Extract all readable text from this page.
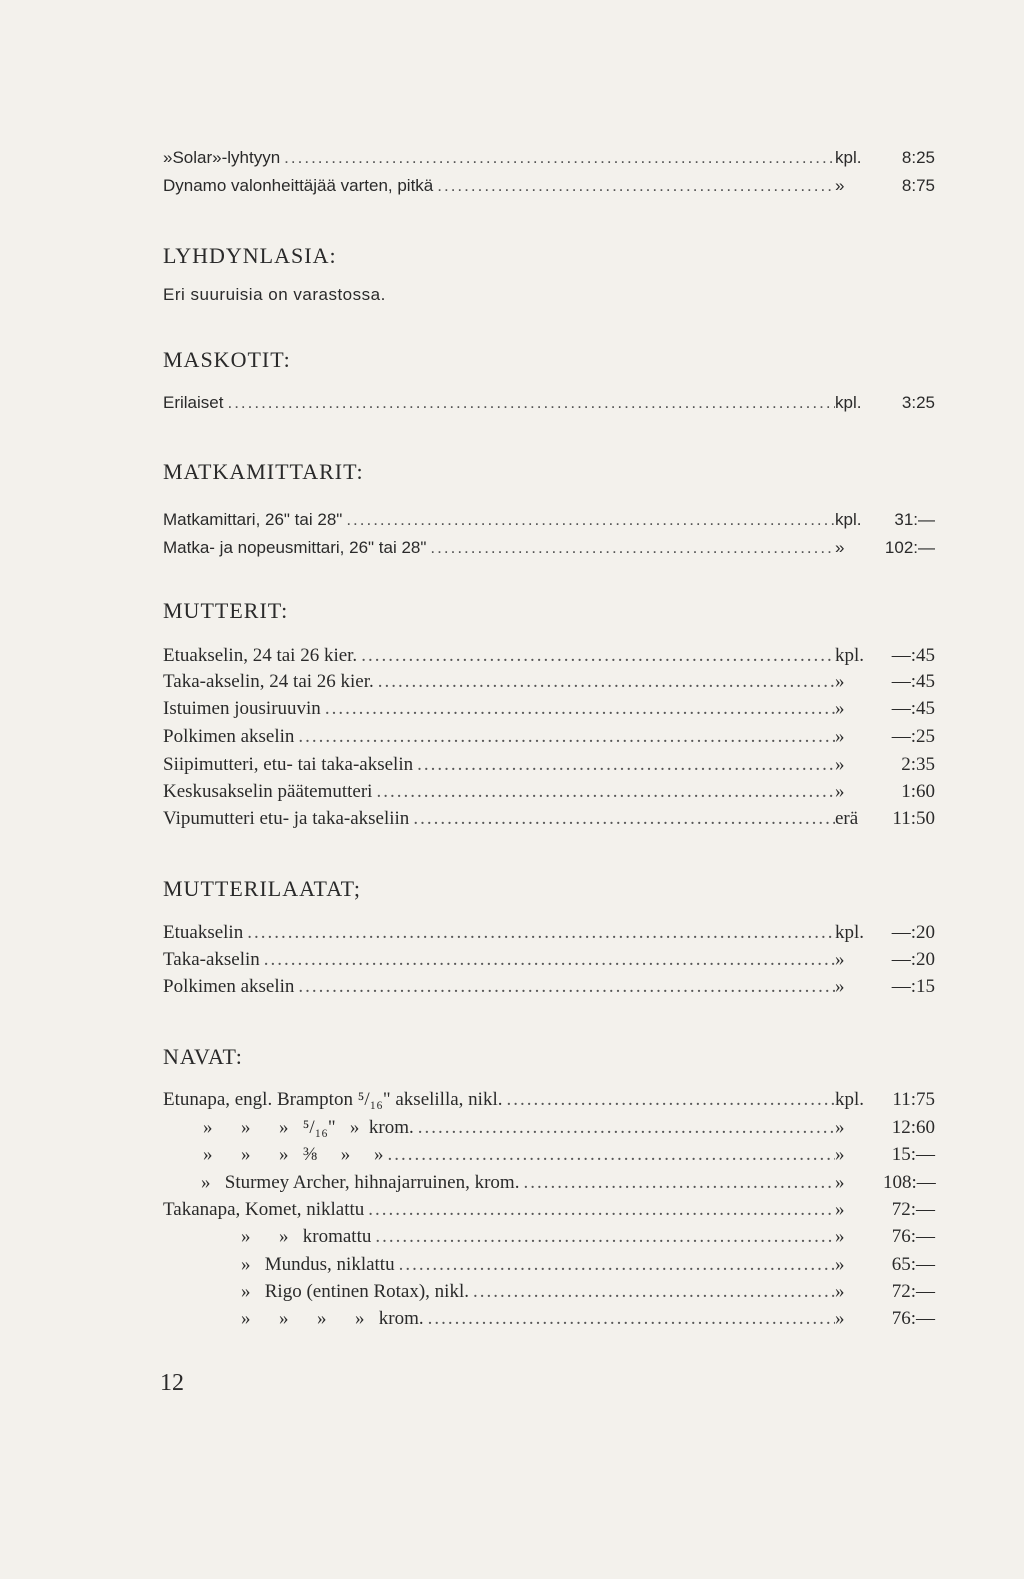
»Solar»-lyhtyyn .....	kpl.	8:25
Dynamo valonheittäjää varten, pitkä .....	»	8:75
LYHDYNLASIA:
Eri suuruisia on varastossa.
MASKOTIT:
Erilaiset .....	kpl.	3:25
MATKAMITTARIT:
Matkamittari, 26" tai 28" .....	kpl.	31:—
Matka- ja nopeusmittari, 26" tai 28" .....	»	102:—
MUTTERIT:
Etuakselin, 24 tai 26 kier. .....	kpl.	—:45
Taka-akselin, 24 tai 26 kier. .....	»	—:45
Istuimen jousiruuvin .....	»	—:45
Polkimen akselin .....	»	—:25
Siipimutteri, etu- tai taka-akselin .....	»	2:35
Keskusakselin päätemutteri .....	»	1:60
Vipumutteri etu- ja taka-akseliin .....	erä	11:50
MUTTERILAATAT;
Etuakselin .....	kpl.	—:20
Taka-akselin .....	»	—:20
Polkimen akselin .....	»	—:15
NAVAT:
Etunapa, engl. Brampton ⁵/₁₆" akselilla, nikl. .....	kpl.	11:75
»      »      »   ⁵/₁₆"   »  krom. .....	»	12:60
»      »      »   ⅜     »     » .....	»	15:—
»   Sturmey Archer, hihnajarruinen, krom. .....	»	108:—
Takanapa, Komet, niklattu .....	»	72:—
»      »   kromattu .....	»	76:—
»   Mundus, niklattu .....	»	65:—
»   Rigo (entinen Rotax), nikl. .....	»	72:—
»      »      »      »   krom. .....	»	76:—
12
